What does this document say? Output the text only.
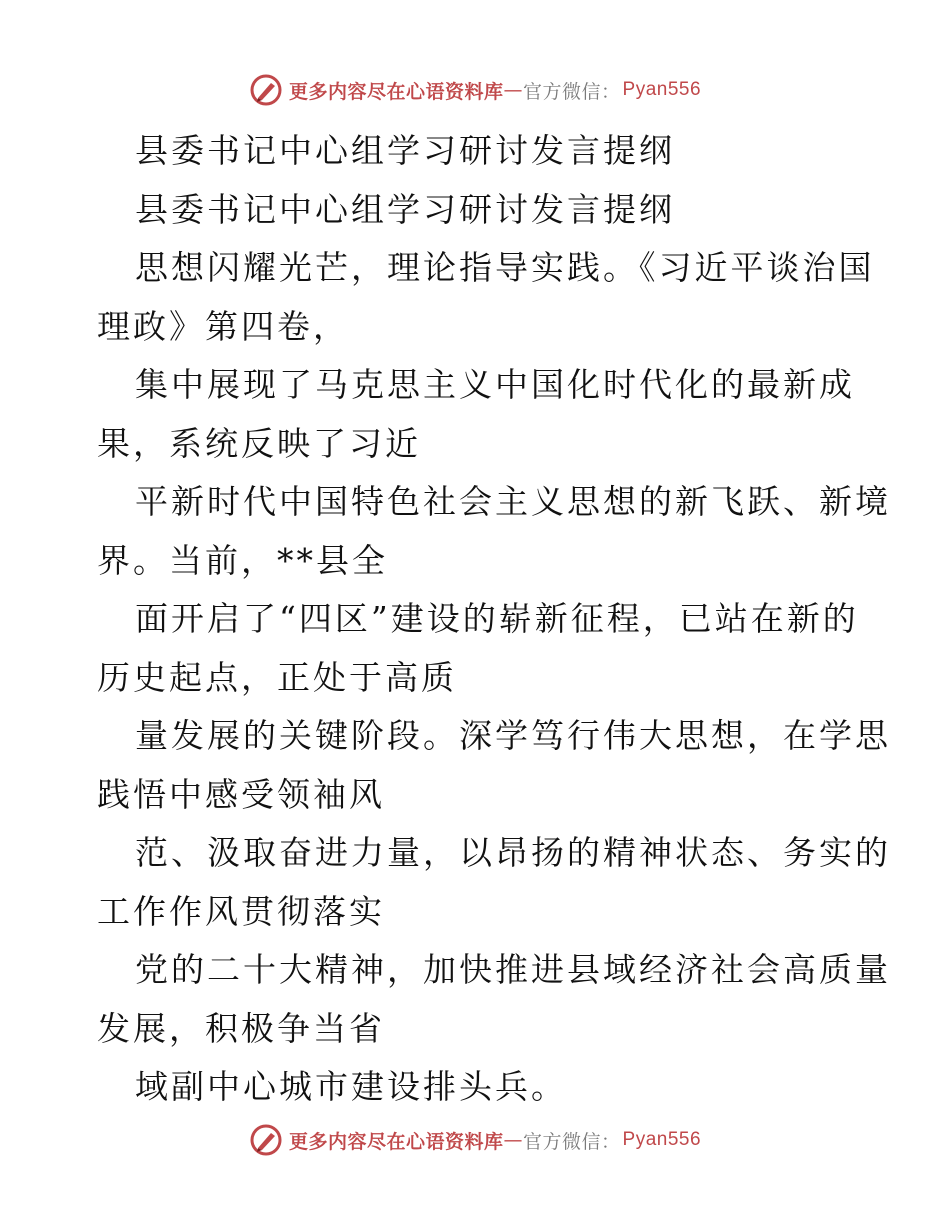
更多内容尽在心语资料库 — 官方微信 ： Pyan556
县委书记中心组学习研讨发言提纲
县委书记中心组学习研讨发言提纲
思想闪耀光芒，理论指导实践。《习近平谈治国
理政》第四卷，
集中展现了马克思主义中国化时代化的最新成
果，系统反映了习近
平新时代中国特色社会主义思想的新飞跃、新境
界。当前，**县全
面开启了“四区”建设的崭新征程，已站在新的
历史起点，正处于高质
量发展的关键阶段。深学笃行伟大思想，在学思
践悟中感受领袖风
范、汲取奋进力量，以昂扬的精神状态、务实的
工作作风贯彻落实
党的二十大精神，加快推进县域经济社会高质量
发展，积极争当省
域副中心城市建设排头兵。
更多内容尽在心语资料库 — 官方微信 ： Pyan556
